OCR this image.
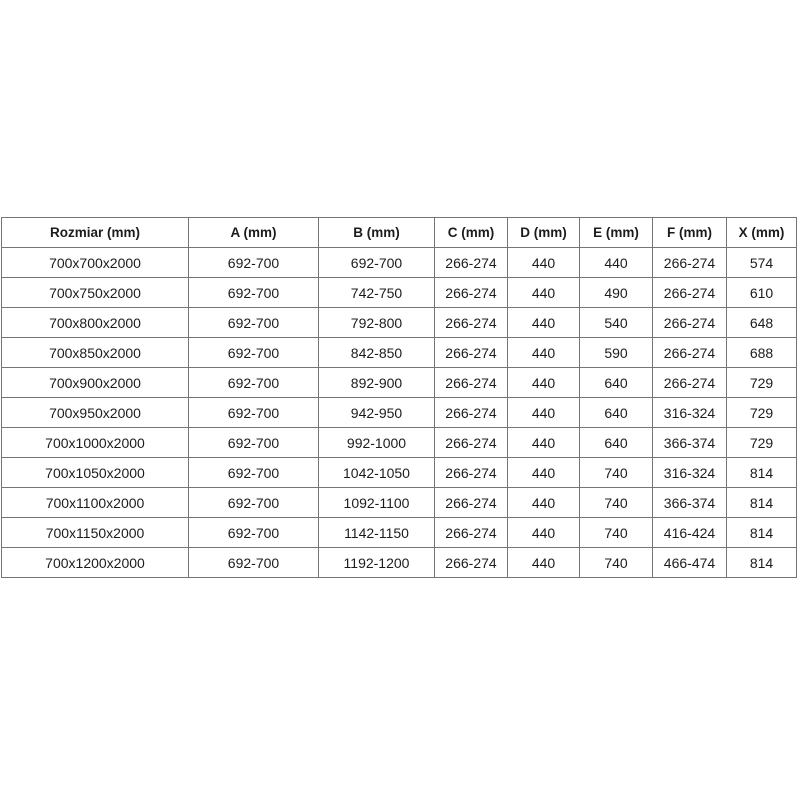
Rozmiar (mm)	A (mm)	B (mm)	C (mm)	D (mm)	E (mm)	F (mm)	X (mm)
700x700x2000	692-700	692-700	266-274	440	440	266-274	574
700x750x2000	692-700	742-750	266-274	440	490	266-274	610
700x800x2000	692-700	792-800	266-274	440	540	266-274	648
700x850x2000	692-700	842-850	266-274	440	590	266-274	688
700x900x2000	692-700	892-900	266-274	440	640	266-274	729
700x950x2000	692-700	942-950	266-274	440	640	316-324	729
700x1000x2000	692-700	992-1000	266-274	440	640	366-374	729
700x1050x2000	692-700	1042-1050	266-274	440	740	316-324	814
700x1100x2000	692-700	1092-1100	266-274	440	740	366-374	814
700x1150x2000	692-700	1142-1150	266-274	440	740	416-424	814
700x1200x2000	692-700	1192-1200	266-274	440	740	466-474	814
